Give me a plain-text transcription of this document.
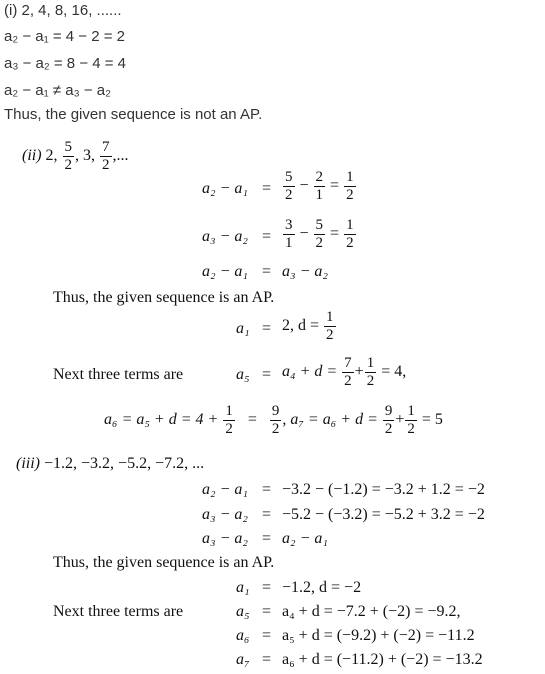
(i) 2, 4, 8, 16, ......
a₂ − a₁ = 4 − 2 = 2
a₃ − a₂ = 8 − 4 = 4
a₂ − a₁ ≠ a₃ − a₂
Thus, the given sequence is not an AP.
(ii) 2, $\frac{5}{2}$ , 3, $\frac{7}{2}$ ,...
$a_2 - a_1 = \frac{5}{2} - \frac{2}{1} = \frac{1}{2}$
$a_3 - a_2 = \frac{3}{1} - \frac{5}{2} = \frac{1}{2}$
a₂ − a₁ = a₃ − a₂
Thus, the given sequence is an AP.
a₁ = 2, $d = \frac{1}{2}$
Next three terms are	$a_5 = a_4 + d = \frac{7}{2} + \frac{1}{2} = 4$,
$a_6 = a_5 + d = 4 + \frac{1}{2} = \frac{9}{2}$ , $a_7 = a_6 + d = \frac{9}{2} + \frac{1}{2} = 5$
(iii) −1.2, −3.2, −5.2, −7.2, ...
a₂ − a₁ = −3.2 − (−1.2) = −3.2 + 1.2 = −2
a₃ − a₂ = −5.2 − (−3.2) = −5.2 + 3.2 = −2
a₃ − a₂ = a₂ − a₁
Thus, the given sequence is an AP.
a₁ = −1.2, d = −2
Next three terms are	a₅ = a₄ + d = −7.2 + (−2) = −9.2,
a₆ = a₅ + d = (−9.2) + (−2) = −11.2
a₇ = a₆ + d = (−11.2) + (−2) = −13.2
